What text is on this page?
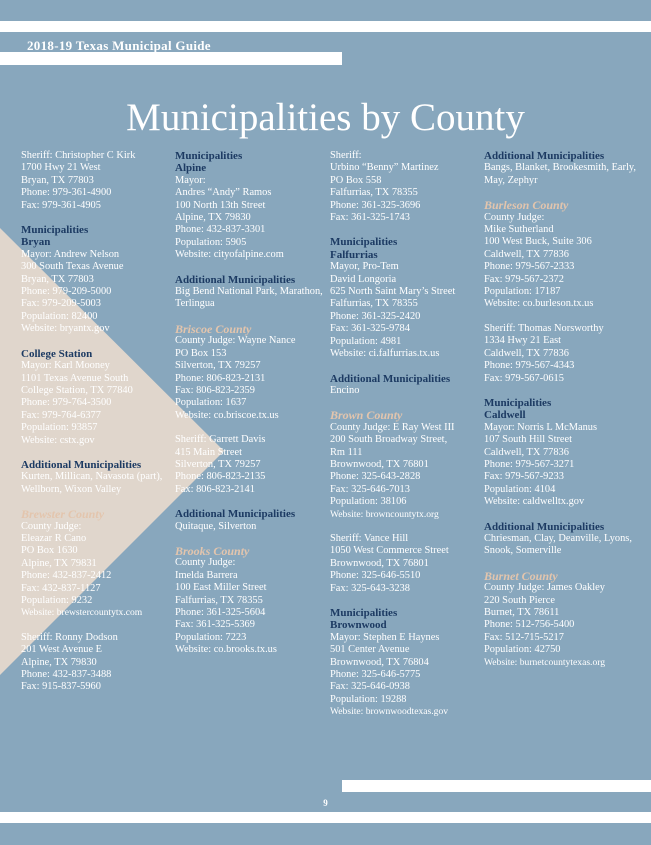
2018-19 Texas Municipal Guide
Municipalities by County
Sheriff: Christopher C Kirk
1700 Hwy 21 West
Bryan, TX 77803
Phone: 979-361-4900
Fax: 979-361-4905
Municipalities
Bryan
Mayor: Andrew Nelson
300 South Texas Avenue
Bryan, TX 77803
Phone: 979-209-5000
Fax: 979-209-5003
Population: 82400
Website: bryantx.gov
College Station
Mayor: Karl Mooney
1101 Texas Avenue South
College Station, TX 77840
Phone: 979-764-3500
Fax: 979-764-6377
Population: 93857
Website: cstx.gov
Additional Municipalities
Kurten, Millican, Navasota (part), Wellborn, Wixon Valley
Brewster County
County Judge:
Eleazar R Cano
PO Box 1630
Alpine, TX 79831
Phone: 432-837-2412
Fax: 432-837-1127
Population: 9232
Website: brewstercountytx.com
Sheriff: Ronny Dodson
201 West Avenue E
Alpine, TX 79830
Phone: 432-837-3488
Fax: 915-837-5960
Municipalities
Alpine
Mayor:
Andres “Andy” Ramos
100 North 13th Street
Alpine, TX 79830
Phone: 432-837-3301
Population: 5905
Website: cityofalpine.com
Additional Municipalities
Big Bend National Park, Marathon, Terlingua
Briscoe County
County Judge: Wayne Nance
PO Box 153
Silverton, TX 79257
Phone: 806-823-2131
Fax: 806-823-2359
Population: 1637
Website: co.briscoe.tx.us
Sheriff: Garrett Davis
415 Main Street
Silverton, TX 79257
Phone: 806-823-2135
Fax: 806-823-2141
Additional Municipalities
Quitaque, Silverton
Brooks County
County Judge:
Imelda Barrera
100 East Miller Street
Falfurrias, TX 78355
Phone: 361-325-5604
Fax: 361-325-5369
Population: 7223
Website: co.brooks.tx.us
Sheriff:
Urbino “Benny” Martinez
PO Box 558
Falfurrias, TX 78355
Phone: 361-325-3696
Fax: 361-325-1743
Municipalities
Falfurrias
Mayor, Pro-Tem
David Longoria
625 North Saint Mary’s Street
Falfurrias, TX 78355
Phone: 361-325-2420
Fax: 361-325-9784
Population: 4981
Website: ci.falfurrias.tx.us
Additional Municipalities
Encino
Brown County
County Judge: E Ray West III
200 South Broadway Street,
Rm 111
Brownwood, TX 76801
Phone: 325-643-2828
Fax: 325-646-7013
Population: 38106
Website: browncountytx.org
Sheriff: Vance Hill
1050 West Commerce Street
Brownwood, TX 76801
Phone: 325-646-5510
Fax: 325-643-3238
Municipalities
Brownwood
Mayor: Stephen E Haynes
501 Center Avenue
Brownwood, TX 76804
Phone: 325-646-5775
Fax: 325-646-0938
Population: 19288
Website: brownwoodtexas.gov
Additional Municipalities
Bangs, Blanket, Brookesmith, Early, May, Zephyr
Burleson County
County Judge:
Mike Sutherland
100 West Buck, Suite 306
Caldwell, TX 77836
Phone: 979-567-2333
Fax: 979-567-2372
Population: 17187
Website: co.burleson.tx.us
Sheriff: Thomas Norsworthy
1334 Hwy 21 East
Caldwell, TX 77836
Phone: 979-567-4343
Fax: 979-567-0615
Municipalities
Caldwell
Mayor: Norris L McManus
107 South Hill Street
Caldwell, TX 77836
Phone: 979-567-3271
Fax: 979-567-9233
Population: 4104
Website: caldwelltx.gov
Additional Municipalities
Chriesman, Clay, Deanville, Lyons, Snook, Somerville
Burnet County
County Judge: James Oakley
220 South Pierce
Burnet, TX 78611
Phone: 512-756-5400
Fax: 512-715-5217
Population: 42750
Website: burnetcountytexas.org
9
